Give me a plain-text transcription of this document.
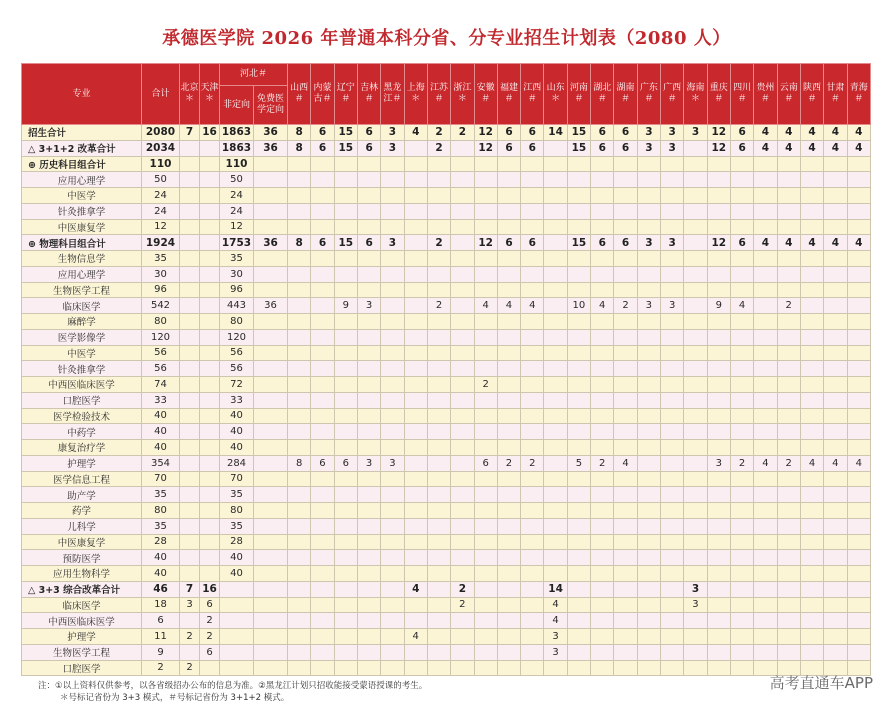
承德医学院 2026 年普通本科分省、分专业招生计划表（2080 人）
专业	合计	北京＊	天津＊	河北＃		山西＃	内蒙古＃	辽宁＃	吉林＃	黑龙江＃	上海＊	江苏＃	浙江＊	安徽＃	福建＃	江西＃	山东＊	河南＃	湖北＃	湖南＃	广东＃	广西＃	海南＊	重庆＃	四川＃	贵州＃	云南＃	陕西＃	甘肃＃	青海＃
				非定向	免费医学定向																									
招生合计	2080	7	16	1863	36	8	6	15	6	3	4	2	2	12	6	6	14	15	6	6	3	3	3	12	6	4	4	4	4	4
△ 3+1+2 改革合计	2034			1863	36	8	6	15	6	3		2		12	6	6		15	6	6	3	3		12	6	4	4	4	4	4
⊕ 历史科目组合计	110			110																										
应用心理学	50			50																										
中医学	24			24																										
针灸推拿学	24			24																										
中医康复学	12			12																										
⊕ 物理科目组合计	1924			1753	36	8	6	15	6	3		2		12	6	6		15	6	6	3	3		12	6	4	4	4	4	4
生物信息学	35			35																										
应用心理学	30			30																										
生物医学工程	96			96																										
临床医学	542			443	36			9	3			2		4	4	4		10	4	2	3	3		9	4		2			
麻醉学	80			80																										
医学影像学	120			120																										
中医学	56			56																										
针灸推拿学	56			56																										
中西医临床医学	74			72										2																
口腔医学	33			33																										
医学检验技术	40			40																										
中药学	40			40																										
康复治疗学	40			40																										
护理学	354			284		8	6	6	3	3				6	2	2		5	2	4				3	2	4	2	4	4	4
医学信息工程	70			70																										
助产学	35			35																										
药学	80			80																										
儿科学	35			35																										
中医康复学	28			28																										
预防医学	40			40																										
应用生物科学	40			40																										
△ 3+3 综合改革合计	46	7	16								4		2				14						3							
临床医学	18	3	6										2				4						3							
中西医临床医学	6		2														4													
护理学	11	2	2								4						3													
生物医学工程	9		6														3													
口腔医学	2	2																												
注：①以上资料仅供参考，以各省级招办公布的信息为准。②黑龙江计划只招收能接受蒙语授课的考生。
＊号标记省份为 3+3 模式，＃号标记省份为 3+1+2 模式。
高考直通车APP
